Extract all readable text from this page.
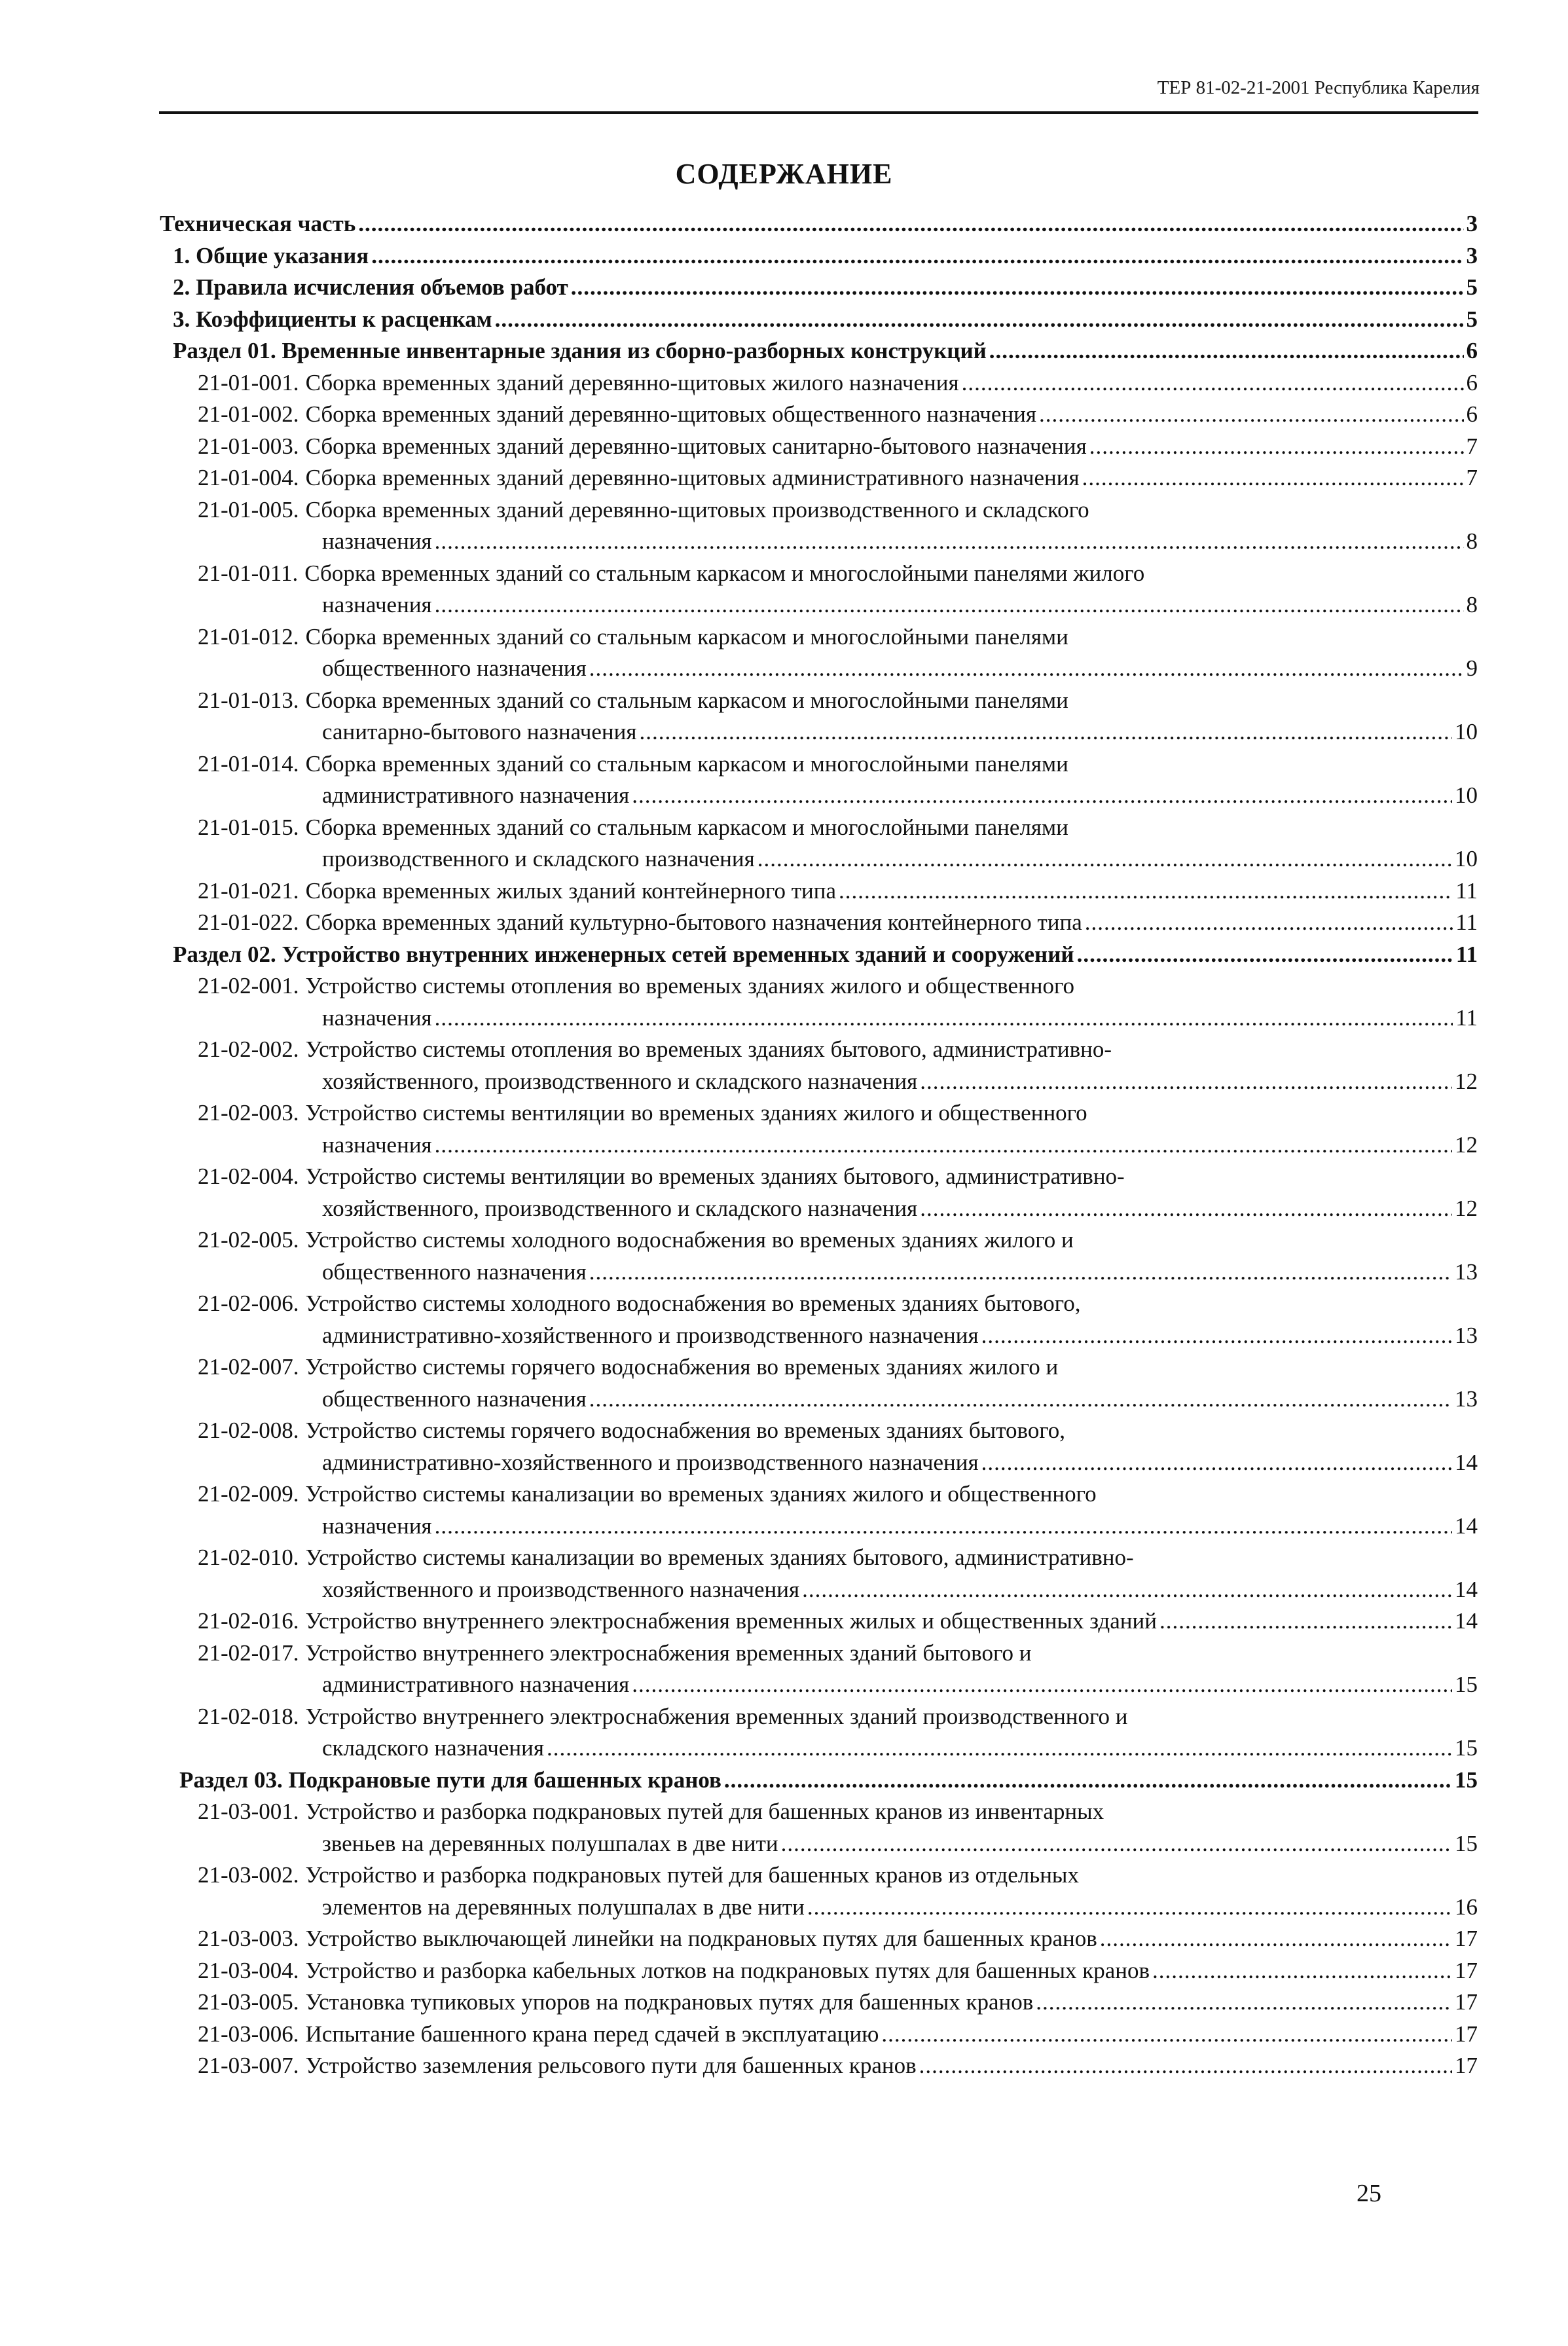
ТЕР 81-02-21-2001 Республика Карелия
СОДЕРЖАНИЕ
Техническая часть .....	3
1. Общие указания .....	3
2. Правила исчисления объемов работ .....	5
3. Коэффициенты к расценкам .....	5
Раздел 01. Временные инвентарные здания из сборно-разборных конструкций .....	6
21-01-001. Сборка временных зданий деревянно-щитовых жилого назначения .....	6
21-01-002. Сборка временных зданий деревянно-щитовых общественного назначения .....	6
21-01-003. Сборка временных зданий деревянно-щитовых санитарно-бытового назначения .....	7
21-01-004. Сборка временных зданий деревянно-щитовых административного назначения .....	7
21-01-005. Сборка временных зданий деревянно-щитовых производственного и складского
назначения .....	8
21-01-011. Сборка временных зданий со стальным каркасом и многослойными панелями жилого
назначения .....	8
21-01-012. Сборка временных зданий со стальным каркасом и многослойными панелями
общественного назначения .....	9
21-01-013. Сборка временных зданий со стальным каркасом и многослойными панелями
санитарно-бытового назначения .....	10
21-01-014. Сборка временных зданий со стальным каркасом и многослойными панелями
административного назначения .....	10
21-01-015. Сборка временных зданий со стальным каркасом и многослойными панелями
производственного и складского назначения .....	10
21-01-021. Сборка временных жилых зданий контейнерного типа .....	11
21-01-022. Сборка временных зданий культурно-бытового назначения контейнерного типа .....	11
Раздел 02. Устройство внутренних инженерных сетей временных зданий и сооружений .....	11
21-02-001. Устройство системы отопления во временых зданиях жилого и общественного
назначения .....	11
21-02-002. Устройство системы отопления во временых зданиях бытового, административно-
хозяйственного, производственного и складского назначения .....	12
21-02-003. Устройство системы вентиляции во временых зданиях жилого и общественного
назначения .....	12
21-02-004. Устройство системы вентиляции во временых зданиях бытового, административно-
хозяйственного, производственного и складского назначения .....	12
21-02-005. Устройство системы холодного водоснабжения во временых зданиях жилого и
общественного назначения .....	13
21-02-006. Устройство системы холодного водоснабжения во временых зданиях бытового,
административно-хозяйственного и производственного назначения .....	13
21-02-007. Устройство системы горячего водоснабжения во временых зданиях жилого и
общественного назначения .....	13
21-02-008. Устройство системы горячего водоснабжения во временых зданиях бытового,
административно-хозяйственного и производственного назначения .....	14
21-02-009. Устройство системы канализации во временых зданиях жилого и общественного
назначения .....	14
21-02-010. Устройство системы канализации во временых зданиях бытового, административно-
хозяйственного и производственного назначения .....	14
21-02-016. Устройство внутреннего электроснабжения временных жилых и общественных зданий .....	14
21-02-017. Устройство внутреннего электроснабжения временных зданий бытового и
административного назначения .....	15
21-02-018. Устройство внутреннего электроснабжения временных зданий производственного и
складского назначения .....	15
Раздел 03. Подкрановые пути для башенных кранов .....	15
21-03-001. Устройство и разборка подкрановых путей для башенных кранов из инвентарных
звеньев на деревянных полушпалах в две нити .....	15
21-03-002. Устройство и разборка подкрановых путей для башенных кранов из отдельных
элементов на деревянных полушпалах в две нити .....	16
21-03-003. Устройство выключающей линейки на подкрановых путях для башенных кранов .....	17
21-03-004. Устройство и разборка кабельных лотков на подкрановых путях для башенных кранов .....	17
21-03-005. Установка тупиковых упоров на подкрановых путях для башенных кранов .....	17
21-03-006. Испытание башенного крана перед сдачей в эксплуатацию .....	17
21-03-007. Устройство заземления рельсового пути для башенных кранов .....	17
25
